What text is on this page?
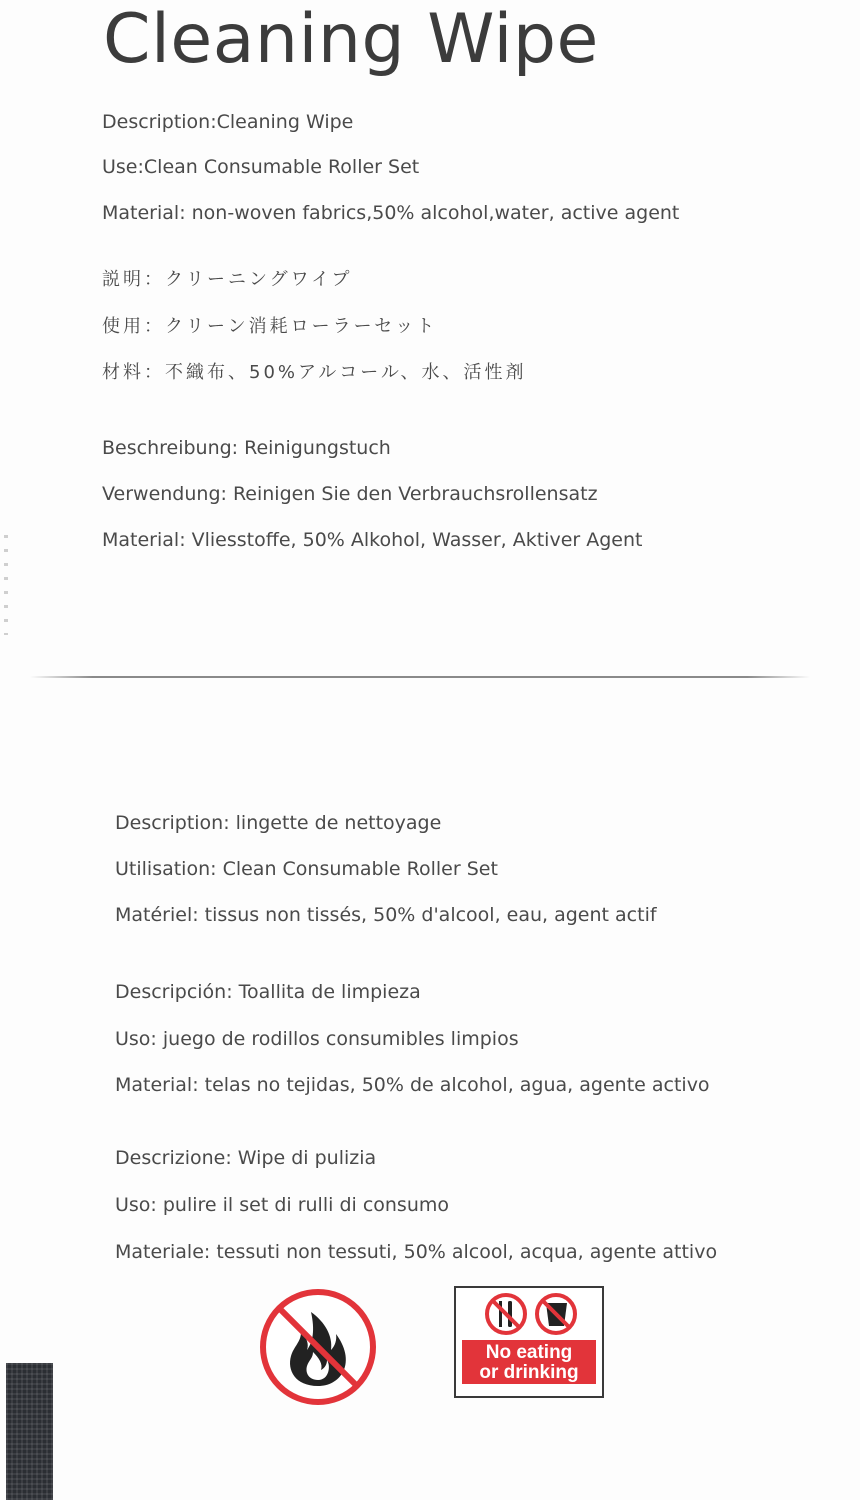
Cleaning Wipe
Description:Cleaning Wipe
Use:Clean Consumable Roller Set
Material: non-woven fabrics,50% alcohol,water, active agent
説明：クリーニングワイプ
使用：クリーン消耗ローラーセット
材料：不織布、50%アルコール、水、活性剤
Beschreibung: Reinigungstuch
Verwendung: Reinigen Sie den Verbrauchsrollensatz
Material: Vliesstoffe, 50% Alkohol, Wasser, Aktiver Agent
Description: lingette de nettoyage
Utilisation: Clean Consumable Roller Set
Matériel: tissus non tissés, 50% d'alcool, eau, agent actif
Descripción: Toallita de limpieza
Uso: juego de rodillos consumibles limpios
Material: telas no tejidas, 50% de alcohol, agua, agente activo
Descrizione: Wipe di pulizia
Uso: pulire il set di rulli di consumo
Materiale: tessuti non tessuti, 50% alcool, acqua, agente attivo
No eating
or drinking
